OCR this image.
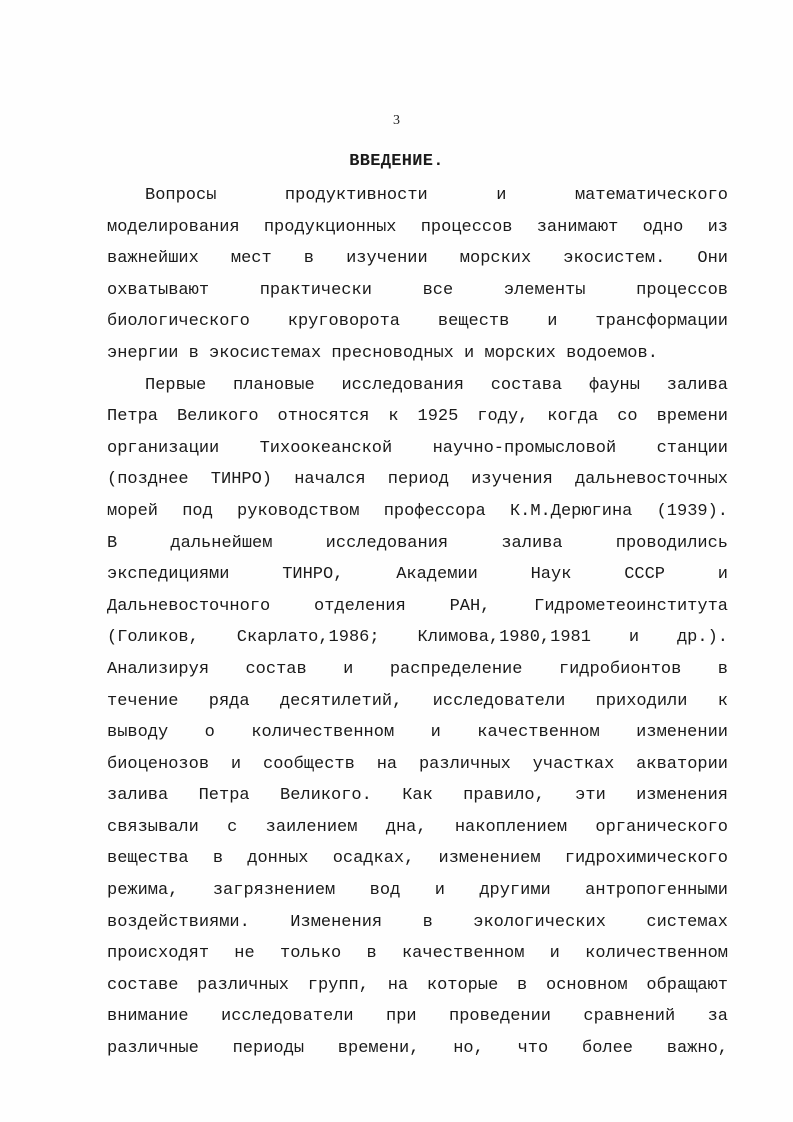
3
ВВЕДЕНИЕ.
Вопросы продуктивности и математического
моделирования продукционных процессов занимают одно из
важнейших мест в изучении морских экосистем. Они
охватывают практически все элементы процессов
биологического круговорота веществ и трансформации
энергии в экосистемах пресноводных и морских водоемов.
Первые плановые исследования состава фауны залива
Петра Великого относятся к 1925 году, когда со времени
организации Тихоокеанской научно-промысловой станции
(позднее ТИНРО) начался период изучения дальневосточных
морей под руководством профессора К.М.Дерюгина (1939).
В дальнейшем исследования залива проводились
экспедициями ТИНРО, Академии Наук СССР и
Дальневосточного отделения РАН, Гидрометеоинститута
(Голиков, Скарлато,1986; Климова,1980,1981 и др.).
Анализируя состав и распределение гидробионтов в
течение ряда десятилетий, исследователи приходили к
выводу о количественном и качественном изменении
биоценозов и сообществ на различных участках акватории
залива Петра Великого. Как правило, эти изменения
связывали с заилением дна, накоплением органического
вещества в донных осадках, изменением гидрохимического
режима, загрязнением вод и другими антропогенными
воздействиями. Изменения в экологических системах
происходят не только в качественном и количественном
составе различных групп, на которые в основном обращают
внимание исследователи при проведении сравнений за
различные периоды времени, но, что более важно,
